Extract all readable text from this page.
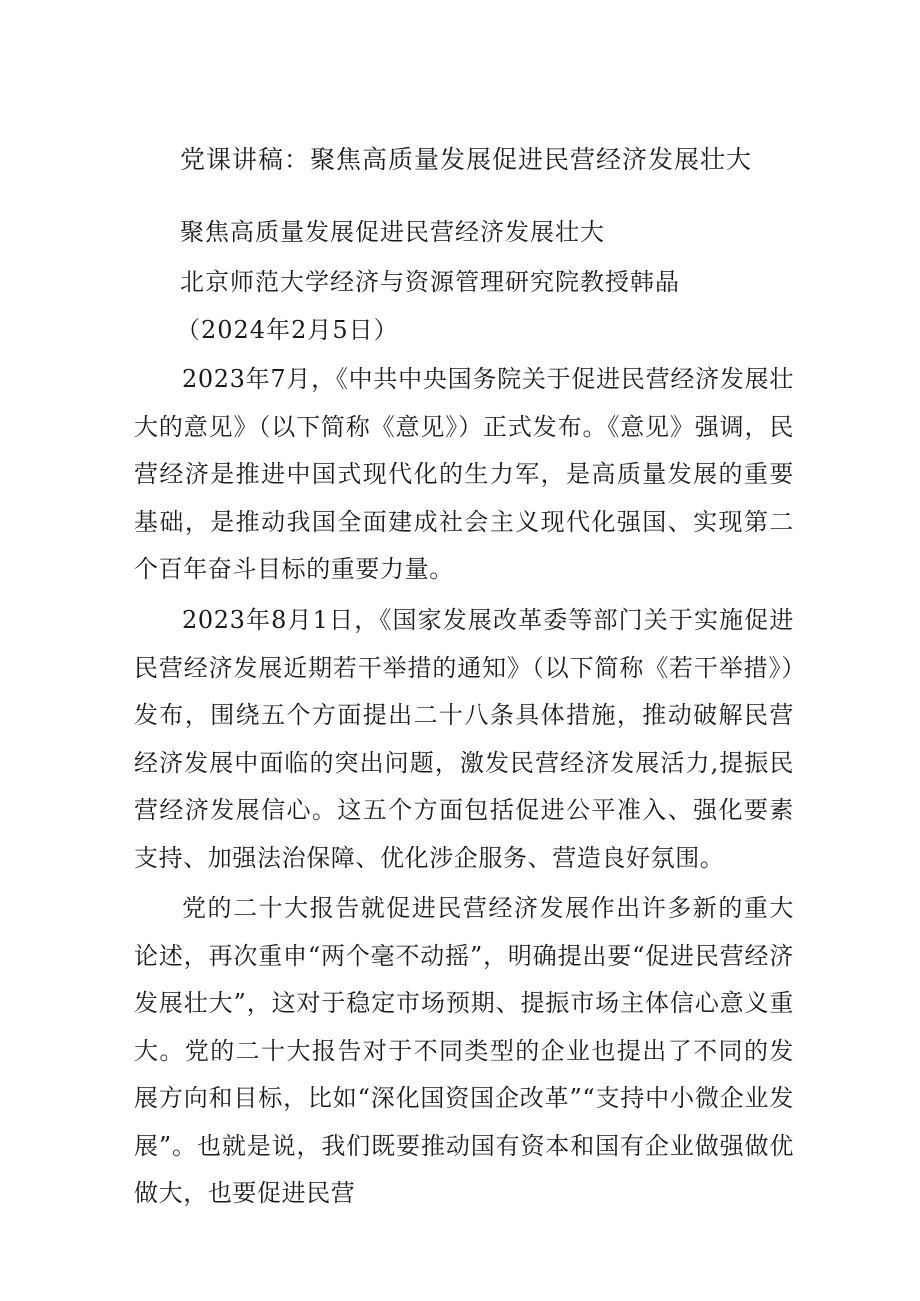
党课讲稿：聚焦高质量发展促进民营经济发展壮大
聚焦高质量发展促进民营经济发展壮大
北京师范大学经济与资源管理研究院教授韩晶
（2024年2月5日）

2023年7月，《中共中央国务院关于促进民营经济发展壮大的意见》（以下简称《意见》）正式发布。《意见》强调，民营经济是推进中国式现代化的生力军，是高质量发展的重要基础，是推动我国全面建成社会主义现代化强国、实现第二个百年奋斗目标的重要力量。

2023年8月1日，《国家发展改革委等部门关于实施促进民营经济发展近期若干举措的通知》（以下简称《若干举措》）发布，围绕五个方面提出二十八条具体措施，推动破解民营经济发展中面临的突出问题，激发民营经济发展活力,提振民营经济发展信心。这五个方面包括促进公平准入、强化要素支持、加强法治保障、优化涉企服务、营造良好氛围。

党的二十大报告就促进民营经济发展作出许多新的重大论述，再次重申“两个毫不动摇”，明确提出要“促进民营经济发展壮大”，这对于稳定市场预期、提振市场主体信心意义重大。党的二十大报告对于不同类型的企业也提出了不同的发展方向和目标，比如“深化国资国企改革”“支持中小微企业发展”。也就是说，我们既要推动国有资本和国有企业做强做优做大，也要促进民营
